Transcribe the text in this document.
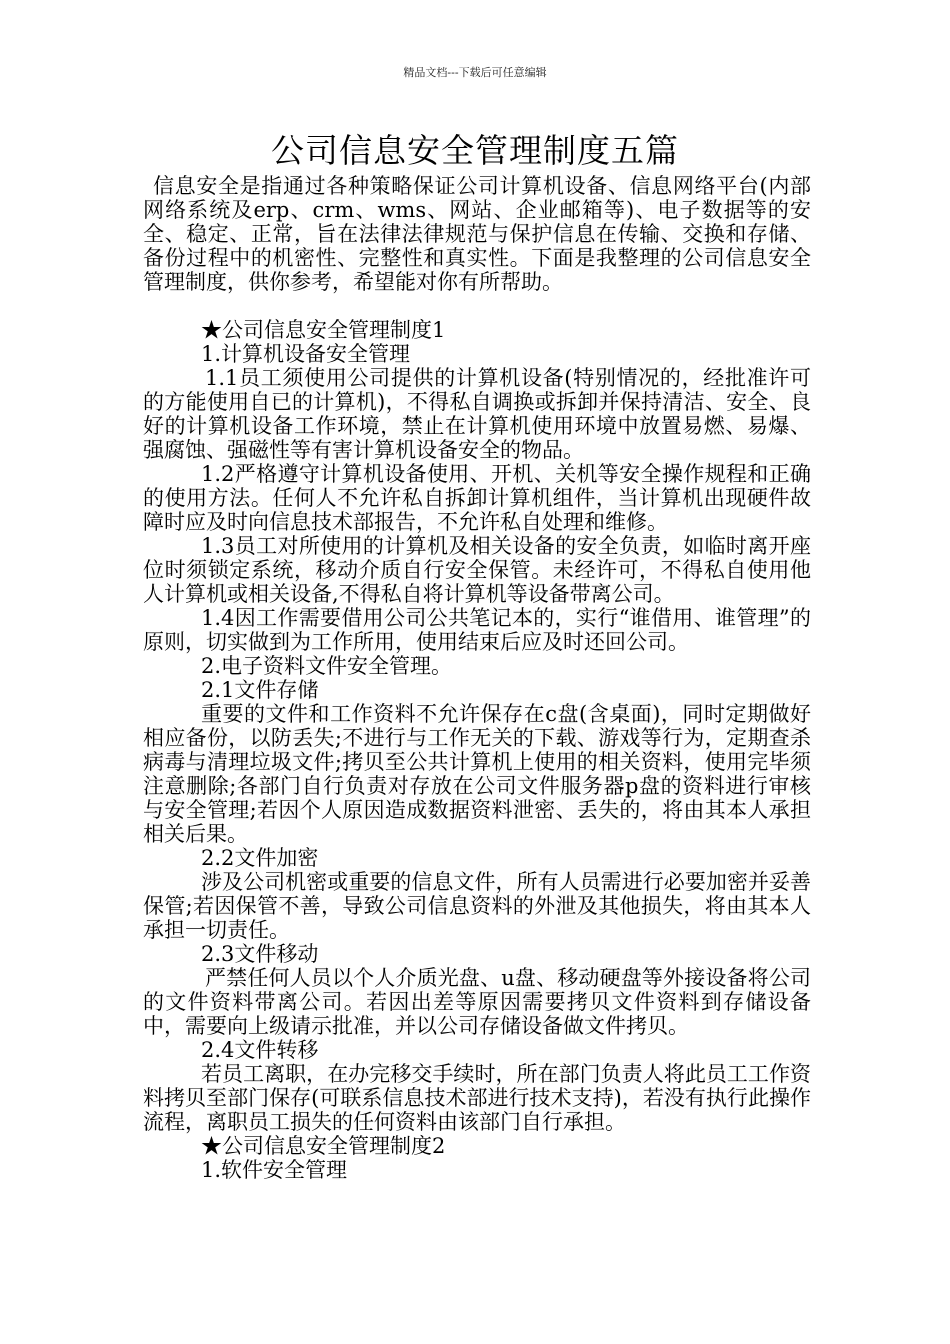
精品文档---下载后可任意编辑
公司信息安全管理制度五篇

信息安全是指通过各种策略保证公司计算机设备、信息网络平台(内部网络系统及erp、crm、wms、网站、企业邮箱等)、电子数据等的安全、稳定、正常，旨在法律法律规范与保护信息在传输、交换和存储、备份过程中的机密性、完整性和真实性。下面是我整理的公司信息安全管理制度，供你参考，希望能对你有所帮助。

★公司信息安全管理制度1

1.计算机设备安全管理

1.1员工须使用公司提供的计算机设备(特别情况的，经批准许可的方能使用自已的计算机)，不得私自调换或拆卸并保持清洁、安全、良好的计算机设备工作环境，禁止在计算机使用环境中放置易燃、易爆、强腐蚀、强磁性等有害计算机设备安全的物品。

1.2严格遵守计算机设备使用、开机、关机等安全操作规程和正确的使用方法。任何人不允许私自拆卸计算机组件，当计算机出现硬件故障时应及时向信息技术部报告，不允许私自处理和维修。

1.3员工对所使用的计算机及相关设备的安全负责，如临时离开座位时须锁定系统，移动介质自行安全保管。未经许可，不得私自使用他人计算机或相关设备,不得私自将计算机等设备带离公司。

1.4因工作需要借用公司公共笔记本的，实行“谁借用、谁管理”的原则，切实做到为工作所用，使用结束后应及时还回公司。

2.电子资料文件安全管理。

2.1文件存储

重要的文件和工作资料不允许保存在c盘(含桌面)，同时定期做好相应备份，以防丢失;不进行与工作无关的下载、游戏等行为，定期查杀病毒与清理垃圾文件;拷贝至公共计算机上使用的相关资料，使用完毕须注意删除;各部门自行负责对存放在公司文件服务器p盘的资料进行审核与安全管理;若因个人原因造成数据资料泄密、丢失的，将由其本人承担相关后果。

2.2文件加密

涉及公司机密或重要的信息文件，所有人员需进行必要加密并妥善保管;若因保管不善，导致公司信息资料的外泄及其他损失，将由其本人承担一切责任。

2.3文件移动

严禁任何人员以个人介质光盘、u盘、移动硬盘等外接设备将公司的文件资料带离公司。若因出差等原因需要拷贝文件资料到存储设备中，需要向上级请示批准，并以公司存储设备做文件拷贝。

2.4文件转移

若员工离职，在办完移交手续时，所在部门负责人将此员工工作资料拷贝至部门保存(可联系信息技术部进行技术支持)，若没有执行此操作流程，离职员工损失的任何资料由该部门自行承担。

★公司信息安全管理制度2

1.软件安全管理
